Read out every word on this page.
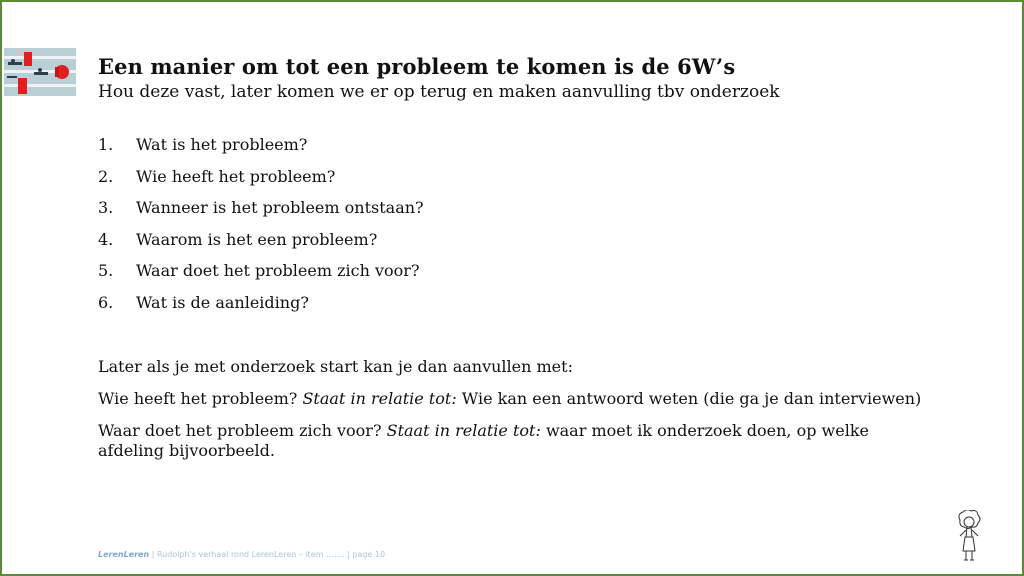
Een manier om tot een probleem te komen is de 6W’s
Hou deze vast, later komen we er op terug en maken aanvulling tbv onderzoek
1.	Wat is het probleem?
2.	Wie heeft het probleem?
3.	Wanneer is het probleem ontstaan?
4.	Waarom is het een probleem?
5.	Waar doet het probleem zich voor?
6.	Wat is de aanleiding?

Later als je met onderzoek start kan je dan aanvullen met:

Wie heeft het probleem? Staat in relatie tot: Wie kan een antwoord weten (die ga je dan interviewen)

Waar doet het probleem zich voor? Staat in relatie tot: waar moet ik onderzoek doen, op welke afdeling bijvoorbeeld.

LerenLeren | Rudolph's verhaal rond LerenLeren – item ……. | page 10
